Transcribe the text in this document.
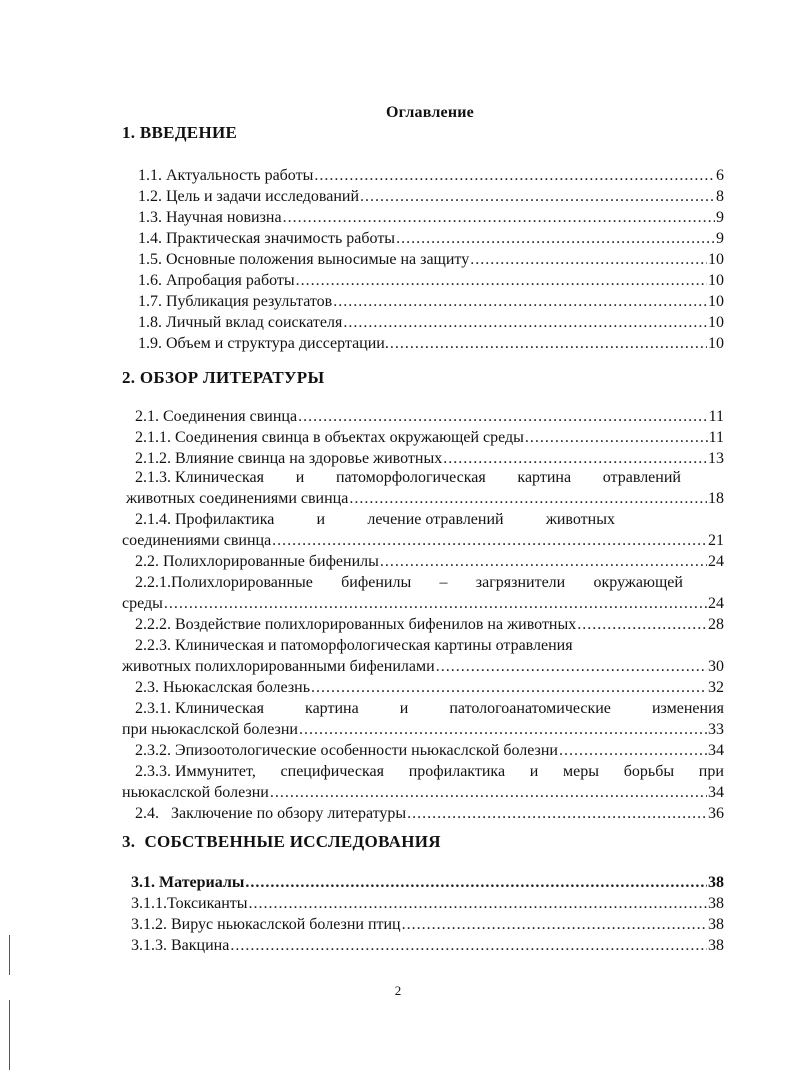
Оглавление
1. ВВЕДЕНИЕ
1.1. Актуальность работы .....	6
1.2. Цель и задачи исследований .....	8
1.3. Научная новизна .....	9
1.4. Практическая значимость работы .....	9
1.5. Основные положения выносимые на защиту .....	10
1.6. Апробация работы .....	10
1.7. Публикация результатов .....	10
1.8. Личный вклад соискателя .....	10
1.9. Объем и структура диссертации. .....	10
2. ОБЗОР ЛИТЕРАТУРЫ
2.1. Соединения свинца .....	11
2.1.1. Соединения свинца в объектах окружающей среды .....	11
2.1.2. Влияние свинца на здоровье животных .....	13
2.1.3. Клиническая и патоморфологическая картина отравлений
животных соединениями свинца .....	18
2.1.4. Профилактика	и	лечение отравлений	животных
соединениями свинца .....	21
2.2. Полихлорированные бифенилы .....	24
2.2.1.Полихлорированные бифенилы – загрязнители окружающей
среды .....	24
2.2.2. Воздействие полихлорированных бифенилов на животных .....	28
2.2.3. Клиническая и патоморфологическая картины отравления
животных полихлорированными бифенилами .....	30
2.3. Ньюкаслская болезнь .....	32
2.3.1. Клиническая	картина	и	патологоанатомические	изменения
при ньюкаслской болезни .....	33
2.3.2. Эпизоотологические особенности ньюкаслской болезни .....	34
2.3.3. Иммунитет, специфическая профилактика и меры борьбы при
ньюкаслской болезни .....	34
2.4.   Заключение по обзору литературы .....	36
3.  СОБСТВЕННЫЕ ИССЛЕДОВАНИЯ
3.1. Материалы .....	38
3.1.1.Токсиканты .....	38
3.1.2. Вирус ньюкаслской болезни птиц .....	38
3.1.3. Вакцина .....	38
2
